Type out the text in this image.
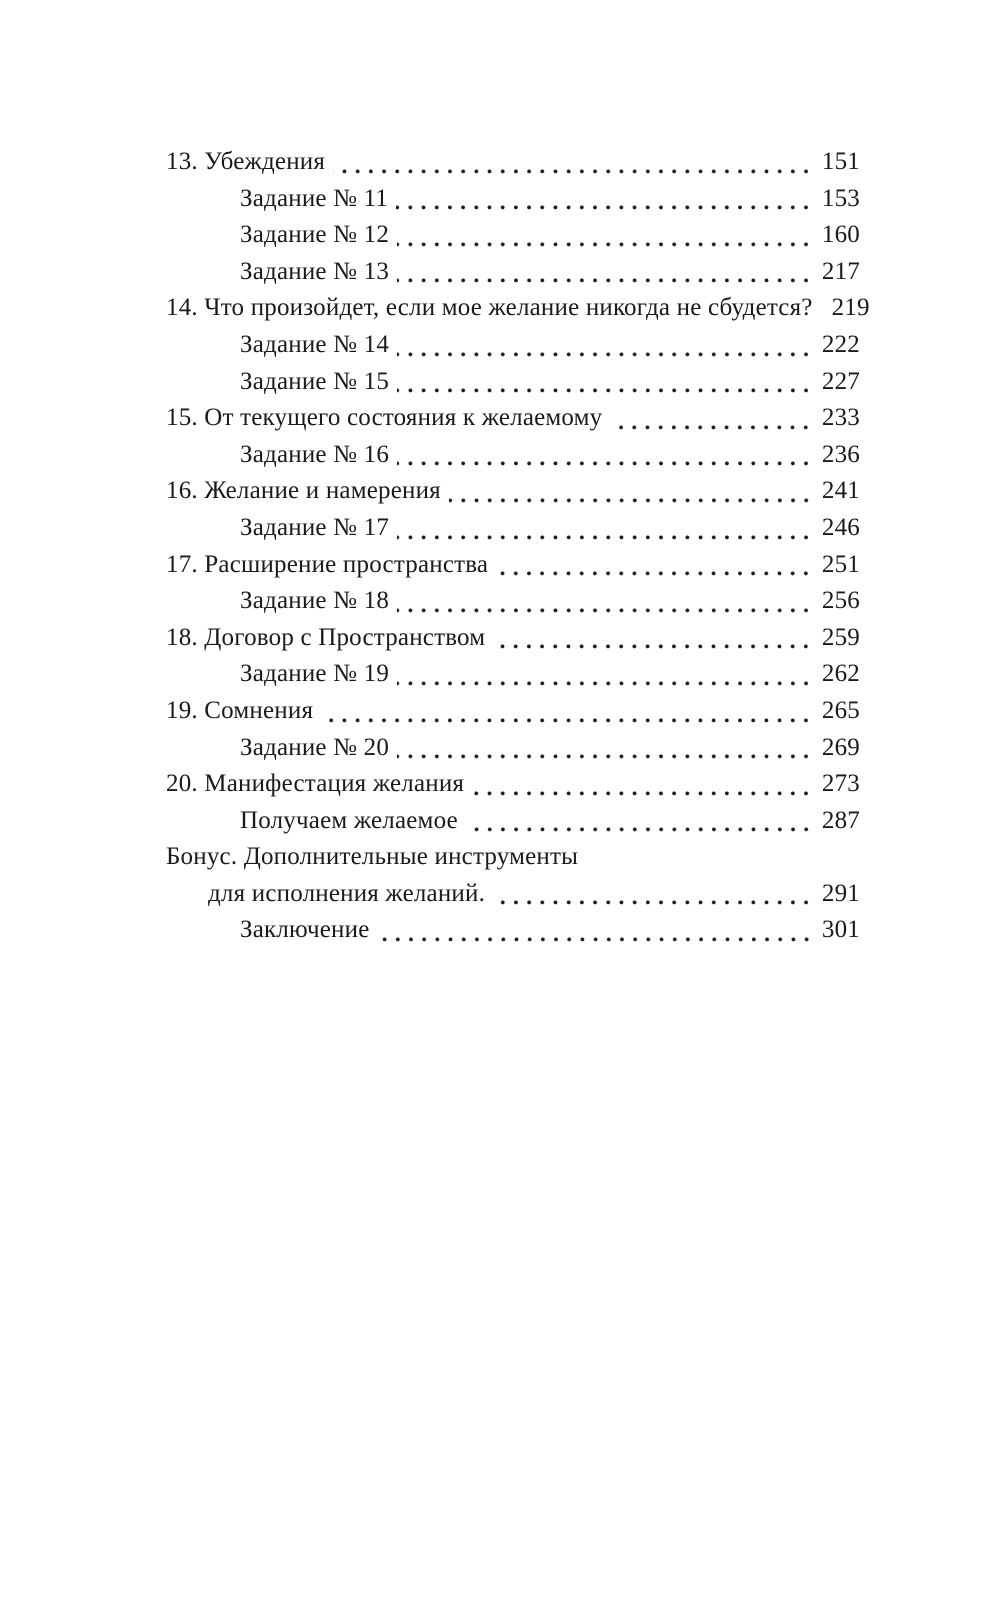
13. Убеждения	151
Задание № 11	153
Задание № 12	160
Задание № 13	217
14. Что произойдет, если мое желание никогда не сбудется? 219
Задание № 14	222
Задание № 15	227
15. От текущего состояния к желаемому	233
Задание № 16	236
16. Желание и намерения	241
Задание № 17	246
17. Расширение пространства	251
Задание № 18	256
18. Договор с Пространством	259
Задание № 19	262
19. Сомнения	265
Задание № 20	269
20. Манифестация желания	273
Получаем желаемое	287
Бонус. Дополнительные инструменты
для исполнения желаний.	291
Заключение	301
